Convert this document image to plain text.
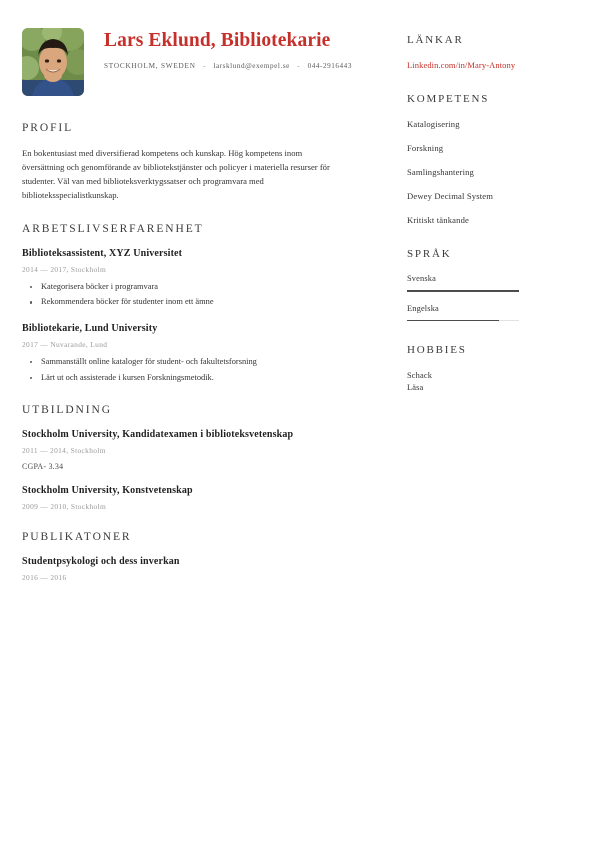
Lars Eklund, Bibliotekarie
STOCKHOLM, SWEDEN - larsklund@exempel.se - 044-2916443
PROFIL

En bokentusiast med diversifierad kompetens och kunskap. Hög kompetens inom översättning och genomförande av bibliotekstjänster och policyer i materiella resurser för studenter. Väl van med biblioteksverktygssatser och programvara med biblioteksspecialistkunskap.

ARBETSLIVSERFARENHET
Biblioteksassistent, XYZ Universitet

2014 — 2017, Stockholm

Kategorisera böcker i programvara
Rekommendera böcker för studenter inom ett ämne
Bibliotekarie, Lund University

2017 — Nuvarande, Lund

Sammanställt online kataloger för student- och fakultetsforsning
Lärt ut och assisterade i kursen Forskningsmetodik.
UTBILDNING
Stockholm University, Kandidatexamen i biblioteksvetenskap

2011 — 2014, Stockholm

CGPA- 3.34

Stockholm University, Konstvetenskap

2009 — 2010, Stockholm

PUBLIKATONER
Studentpsykologi och dess inverkan

2016 — 2016

LÄNKAR
Linkedin.com/in/Mary-Antony
KOMPETENS
Katalogisering
Forskning
Samlingshantering
Dewey Decimal System
Kritiskt tänkande
SPRÅK
Svenska
Engelska
HOBBIES
Schack
Läsa
